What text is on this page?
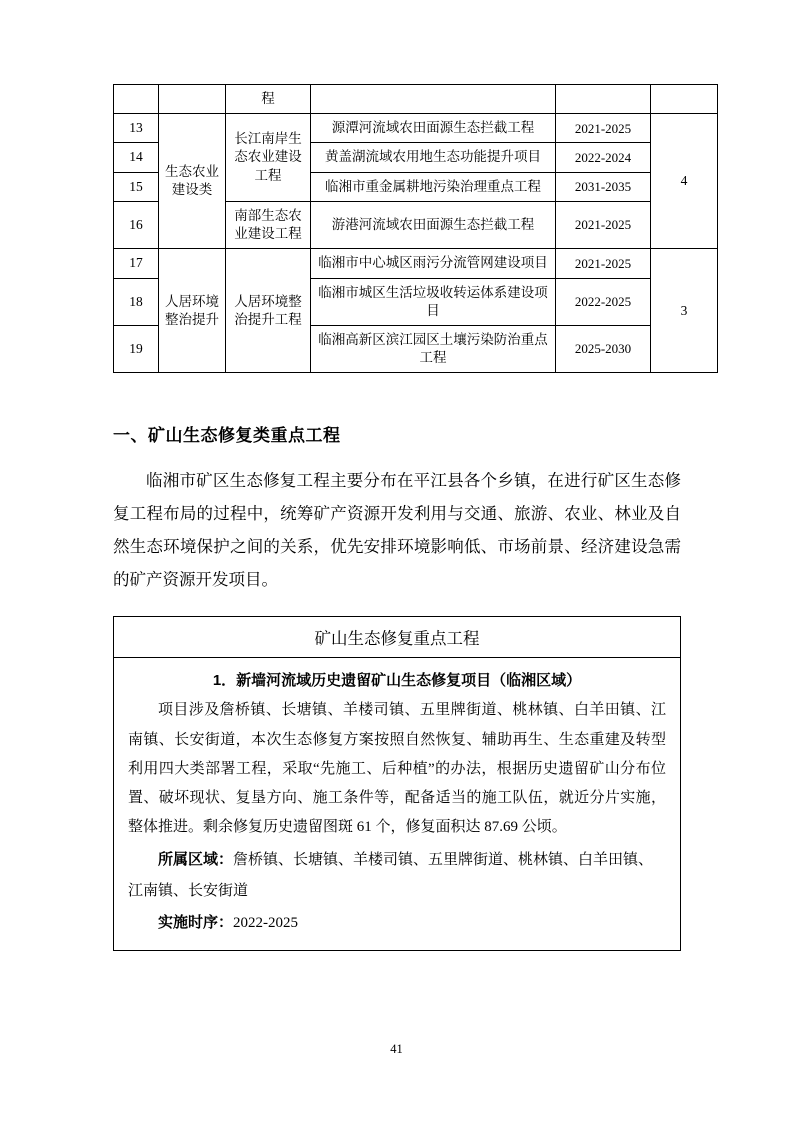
		程			
13	生态农业建设类	长江南岸生态农业建设工程	源潭河流域农田面源生态拦截工程	2021-2025	4
14			黄盖湖流域农用地生态功能提升项目	2022-2024	
15			临湘市重金属耕地污染治理重点工程	2031-2035	
16		南部生态农业建设工程	游港河流域农田面源生态拦截工程	2021-2025	
17	人居环境整治提升	人居环境整治提升工程	临湘市中心城区雨污分流管网建设项目	2021-2025	3
18			临湘市城区生活垃圾收转运体系建设项目	2022-2025	
19			临湘高新区滨江园区土壤污染防治重点工程	2025-2030	
一、矿山生态修复类重点工程

临湘市矿区生态修复工程主要分布在平江县各个乡镇，在进行矿区生态修复工程布局的过程中，统筹矿产资源开发利用与交通、旅游、农业、林业及自然生态环境保护之间的关系，优先安排环境影响低、市场前景、经济建设急需的矿产资源开发项目。

矿山生态修复重点工程
1．新墙河流域历史遗留矿山生态修复项目（临湘区域）

项目涉及詹桥镇、长塘镇、羊楼司镇、五里牌街道、桃林镇、白羊田镇、江南镇、长安街道，本次生态修复方案按照自然恢复、辅助再生、生态重建及转型利用四大类部署工程，采取“先施工、后种植”的办法，根据历史遗留矿山分布位置、破坏现状、复垦方向、施工条件等，配备适当的施工队伍，就近分片实施，整体推进。剩余修复历史遗留图斑 61 个，修复面积达 87.69 公顷。

所属区域：詹桥镇、长塘镇、羊楼司镇、五里牌街道、桃林镇、白羊田镇、

江南镇、长安街道

实施时序：2022-2025

41
